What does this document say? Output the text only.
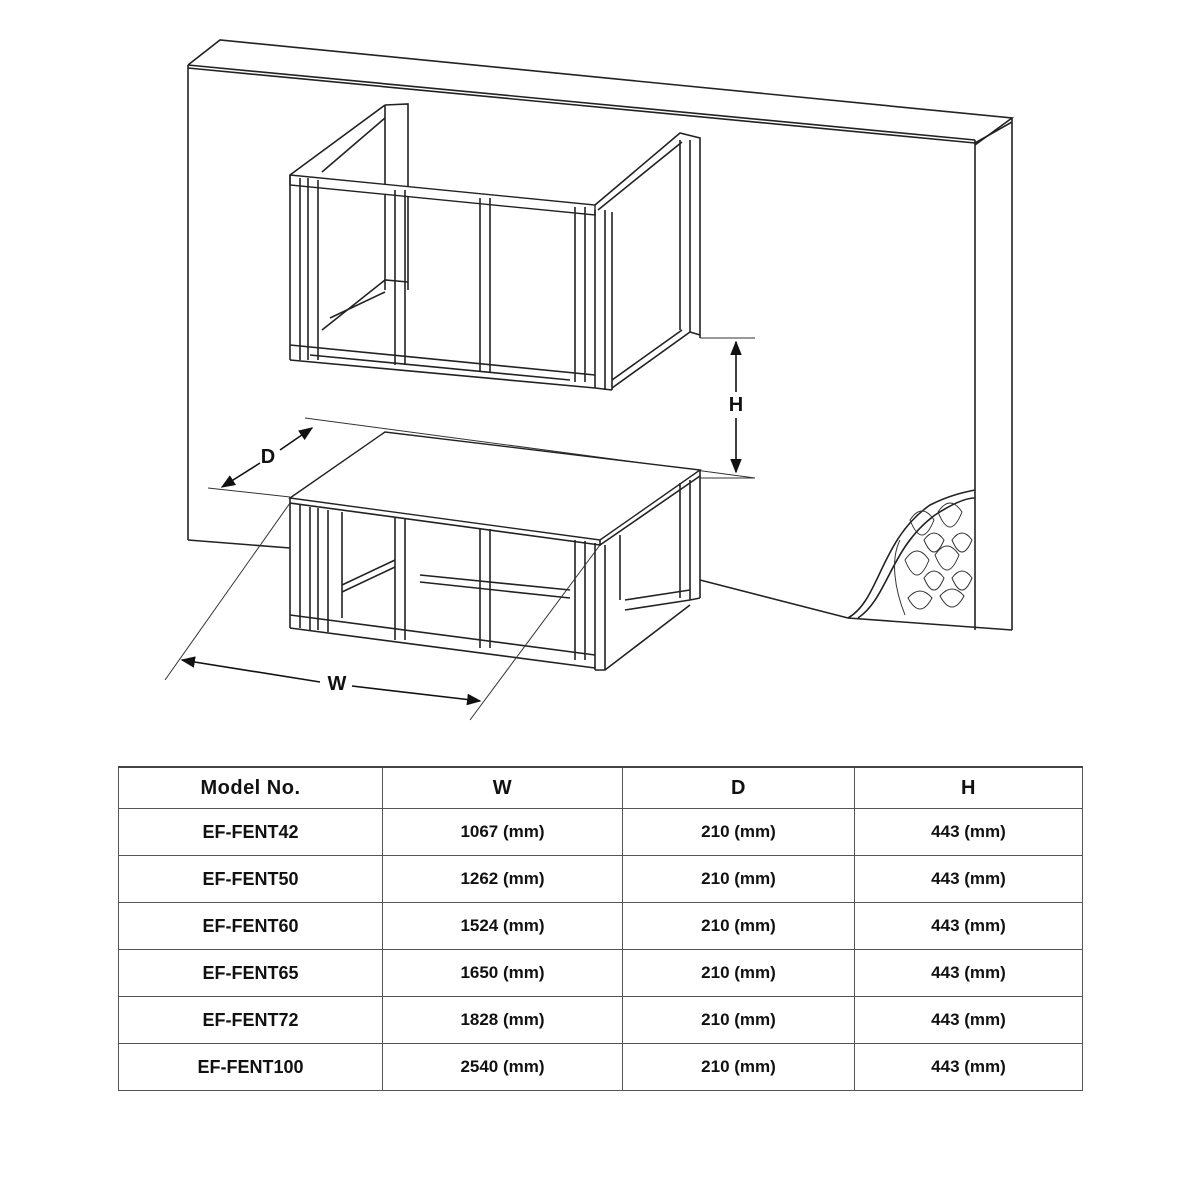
H
D
W
Model No.	W	D	H
EF-FENT42	1067 (mm)	210 (mm)	443 (mm)
EF-FENT50	1262 (mm)	210 (mm)	443 (mm)
EF-FENT60	1524 (mm)	210 (mm)	443 (mm)
EF-FENT65	1650 (mm)	210 (mm)	443 (mm)
EF-FENT72	1828 (mm)	210 (mm)	443 (mm)
EF-FENT100	2540 (mm)	210 (mm)	443 (mm)
